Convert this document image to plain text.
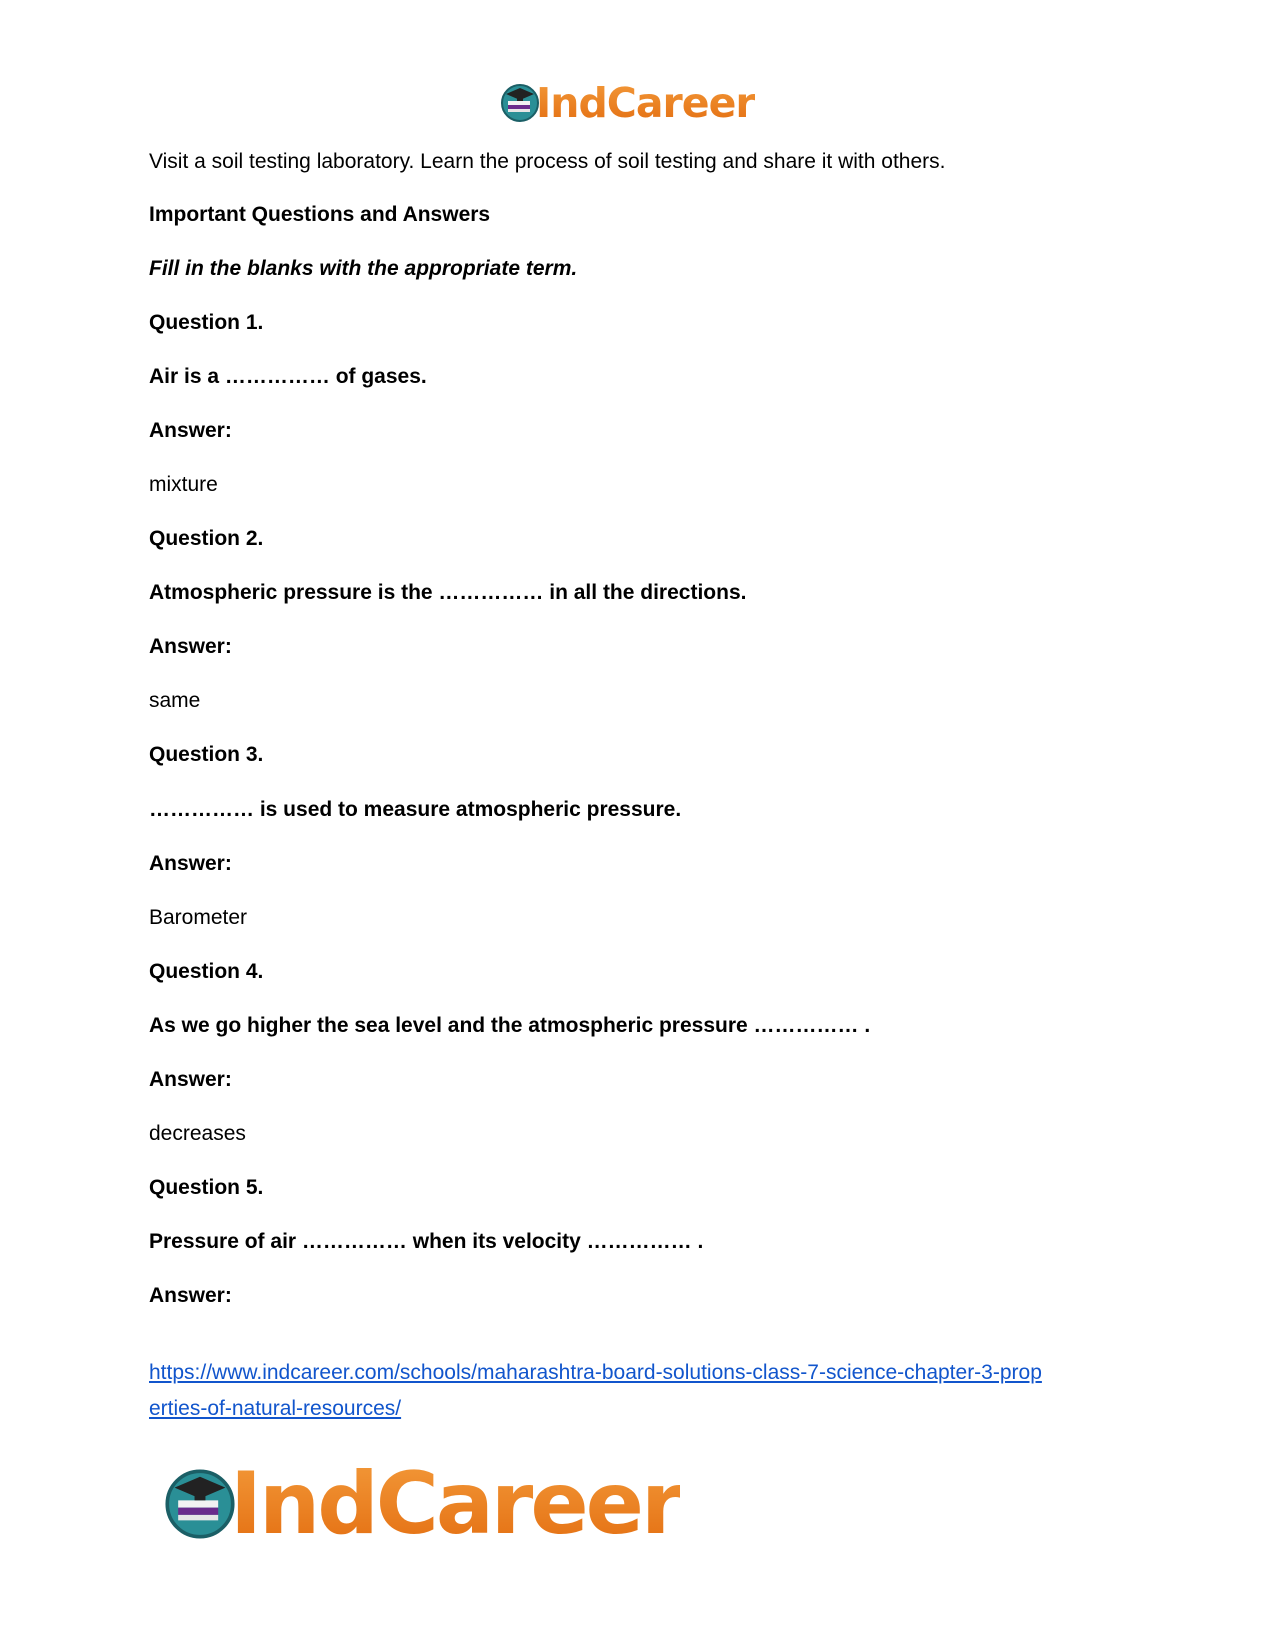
IndCareer
Visit a soil testing laboratory. Learn the process of soil testing and share it with others.
Important Questions and Answers
Fill in the blanks with the appropriate term.
Question 1.
Air is a …………… of gases.
Answer:
mixture
Question 2.
Atmospheric pressure is the …………… in all the directions.
Answer:
same
Question 3.
…………… is used to measure atmospheric pressure.
Answer:
Barometer
Question 4.
As we go higher the sea level and the atmospheric pressure …………… .
Answer:
decreases
Question 5.
Pressure of air …………… when its velocity …………… .
Answer:
https://www.indcareer.com/schools/maharashtra-board-solutions-class-7-science-chapter-3-prop
erties-of-natural-resources/
IndCareer
